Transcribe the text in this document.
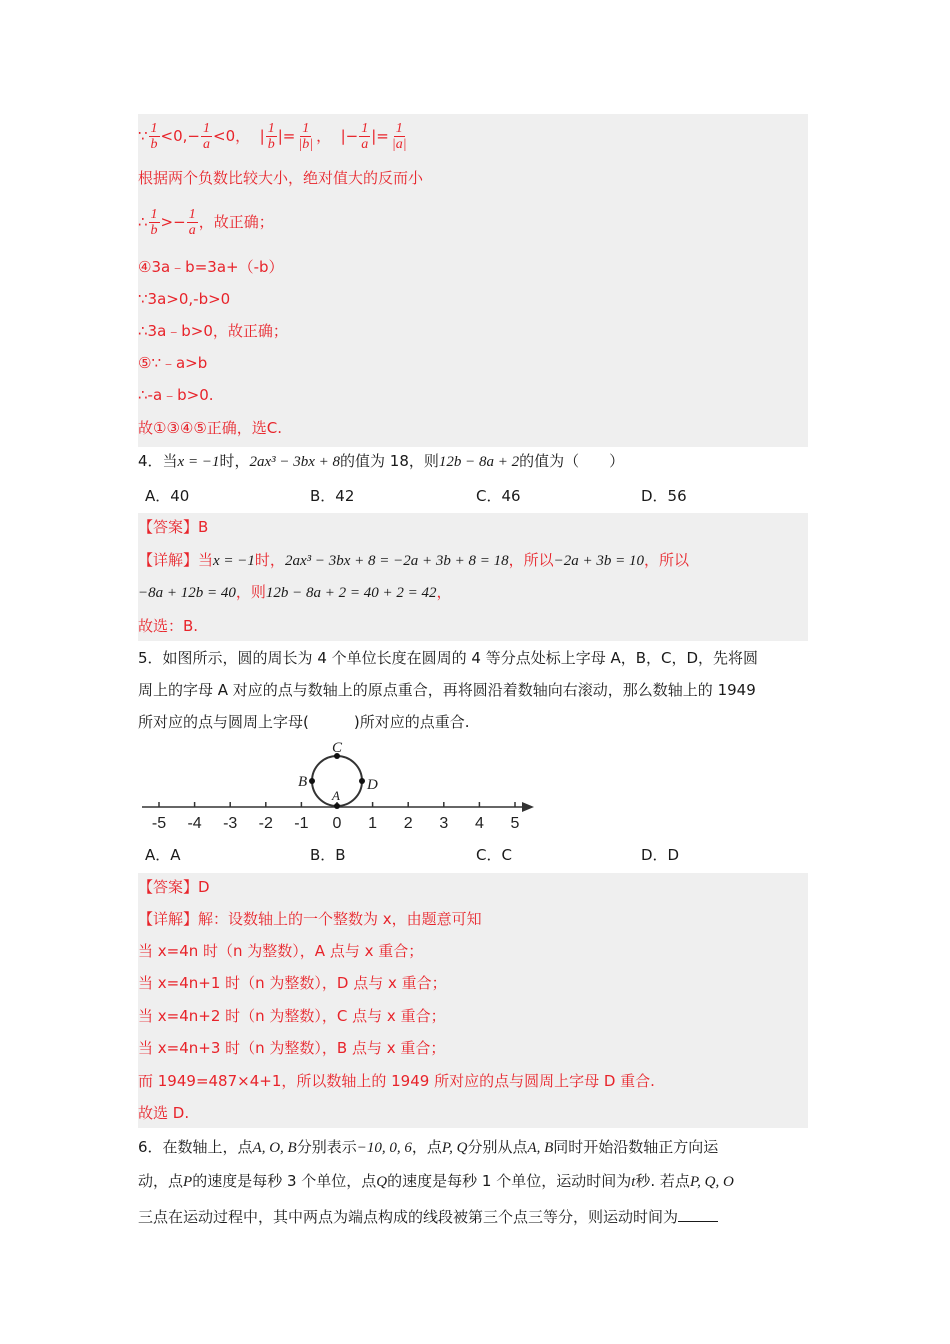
∵ $\frac{1}{b} <0,- \frac{1}{a} <0$， | $\frac{1}{b}$ |= $\frac{1}{|b|}$ ，  |− $\frac{1}{a}$ |= $\frac{1}{|a|}$
根据两个负数比较大小，绝对值大的反而小
∴ $\frac{1}{b} >- \frac{1}{a}$ ，故正确；
④3a﹣b=3a+（-b）
∵3a>0,-b>0
∴3a﹣b>0，故正确；
⑤∵﹣a>b
∴-a﹣b>0.
故①③④⑤正确，选C.
4．当x = −1时，2ax³ − 3bx + 8的值为 18，则12b − 8a + 2的值为（　　）
A．40	B．42	C．46	D．56
【答案】B
【详解】当x = −1时，2ax³ − 3bx + 8 = −2a + 3b + 8 = 18，所以−2a + 3b = 10，所以
−8a + 12b = 40，则12b − 8a + 2 = 40 + 2 = 42，
故选：B.
5．如图所示，圆的周长为 4 个单位长度在圆周的 4 等分点处标上字母 A，B，C，D，先将圆
周上的字母 A 对应的点与数轴上的原点重合，再将圆沿着数轴向右滚动，那么数轴上的 1949
所对应的点与圆周上字母(　　　)所对应的点重合.
-5 -4 -3 -2 -1 0 1 2 3 4 5
A
B
C
D
A．A	B．B	C．C	D．D
【答案】D
【详解】解：设数轴上的一个整数为 x，由题意可知
当 x=4n 时（n 为整数），A 点与 x 重合；
当 x=4n+1 时（n 为整数），D 点与 x 重合；
当 x=4n+2 时（n 为整数），C 点与 x 重合；
当 x=4n+3 时（n 为整数），B 点与 x 重合；
而 1949=487×4+1，所以数轴上的 1949 所对应的点与圆周上字母 D 重合.
故选 D.
6．在数轴上，点A, O, B分别表示−10, 0, 6，点P, Q分别从点A, B同时开始沿数轴正方向运
动，点P的速度是每秒 3 个单位，点Q的速度是每秒 1 个单位，运动时间为t秒. 若点P, Q, O
三点在运动过程中，其中两点为端点构成的线段被第三个点三等分，则运动时间为
